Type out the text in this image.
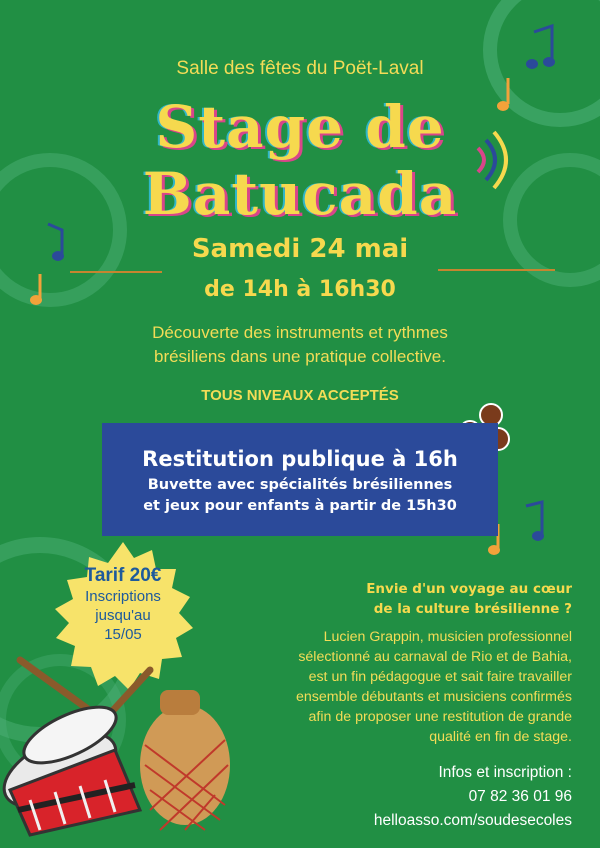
Salle des fêtes du Poët-Laval
Stage de
Batucada
Samedi 24 mai
de 14h à 16h30
Découverte des instruments et rythmes
brésiliens dans une pratique collective.
TOUS NIVEAUX ACCEPTÉS
Restitution publique à 16h
Buvette avec spécialités brésiliennes
et jeux pour enfants à partir de 15h30
Tarif 20€
Inscriptions
jusqu'au
15/05
Envie d'un voyage au cœur
de la culture brésilienne ?
Lucien Grappin, musicien professionnel
sélectionné au carnaval de Rio et de Bahia,
est un fin pédagogue et sait faire travailler
ensemble débutants et musiciens confirmés
afin de proposer une restitution de grande
qualité en fin de stage.
Infos et inscription :
07 82 36 01 96
helloasso.com/soudesecoles
